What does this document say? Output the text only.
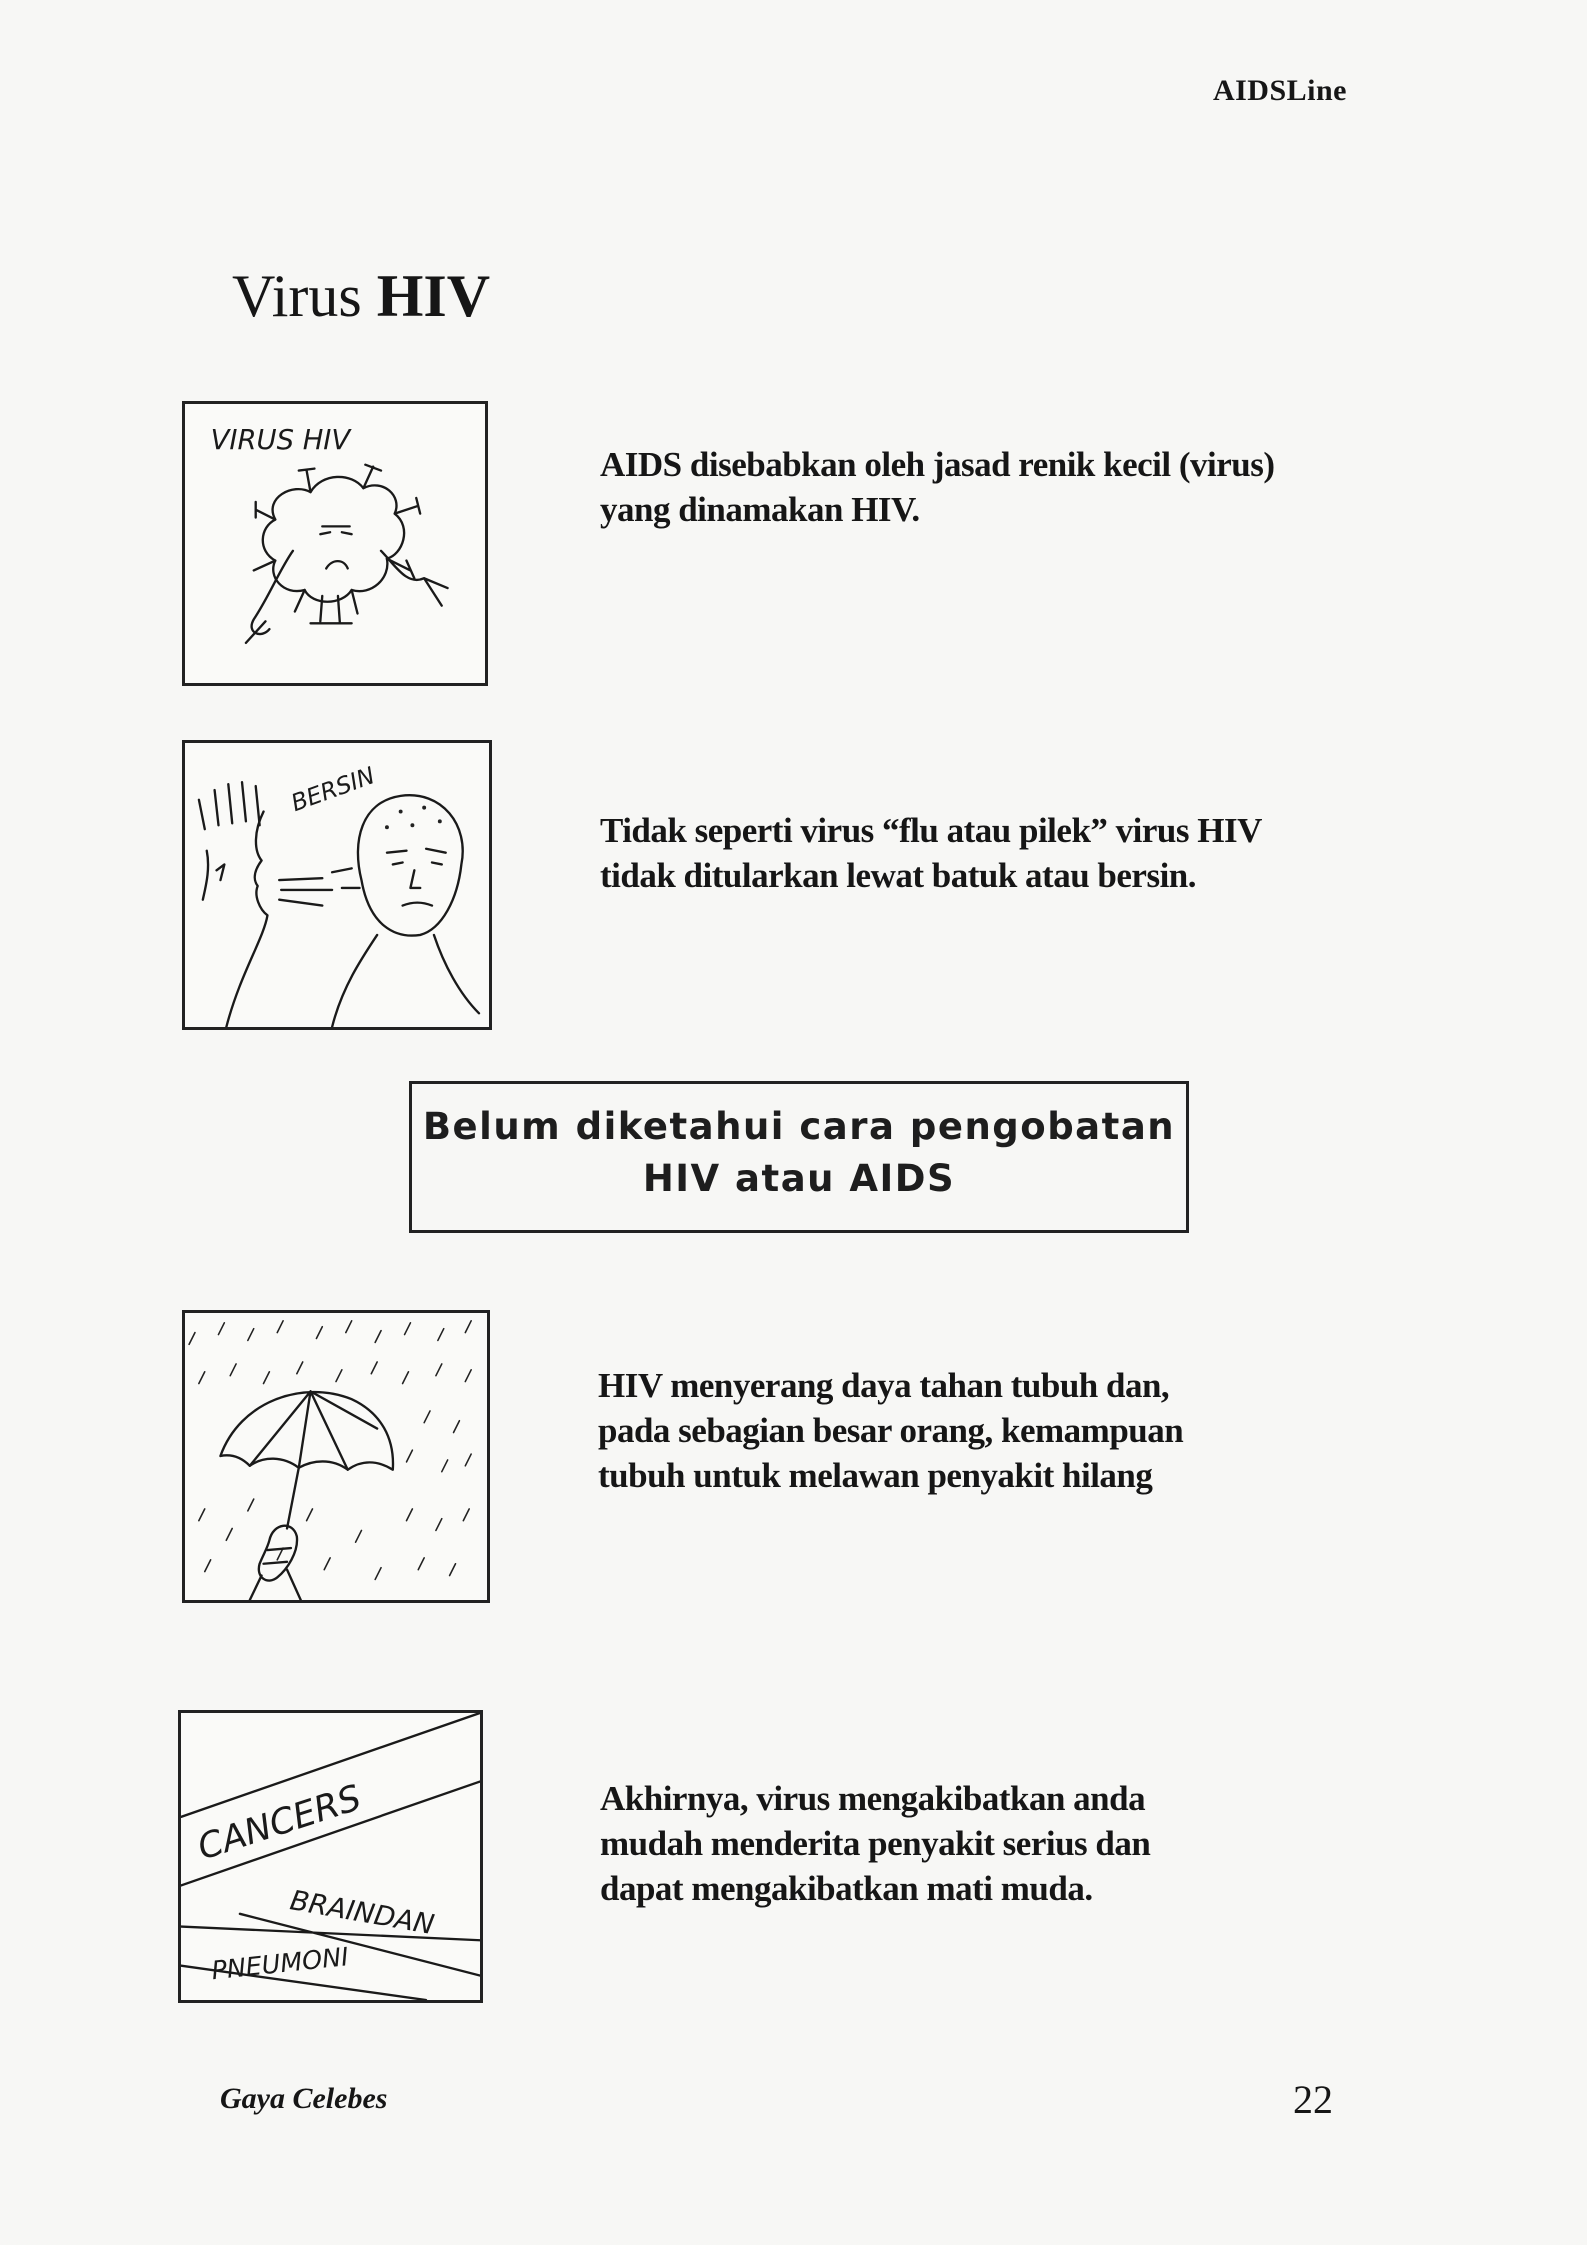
AIDSLine
Virus HIV
VIRUS HIV
AIDS disebabkan oleh jasad renik kecil (virus)
yang dinamakan HIV.
BERSIN
Tidak seperti virus “flu atau pilek” virus HIV
tidak ditularkan lewat batuk atau bersin.
Belum diketahui cara pengobatan
HIV atau AIDS
HIV menyerang daya tahan tubuh dan,
pada sebagian besar orang, kemampuan
tubuh untuk melawan penyakit hilang
CANCERS
BRAINDAN
PNEUMONI
Akhirnya, virus mengakibatkan anda
mudah menderita penyakit serius dan
dapat mengakibatkan mati muda.
Gaya Celebes	22
